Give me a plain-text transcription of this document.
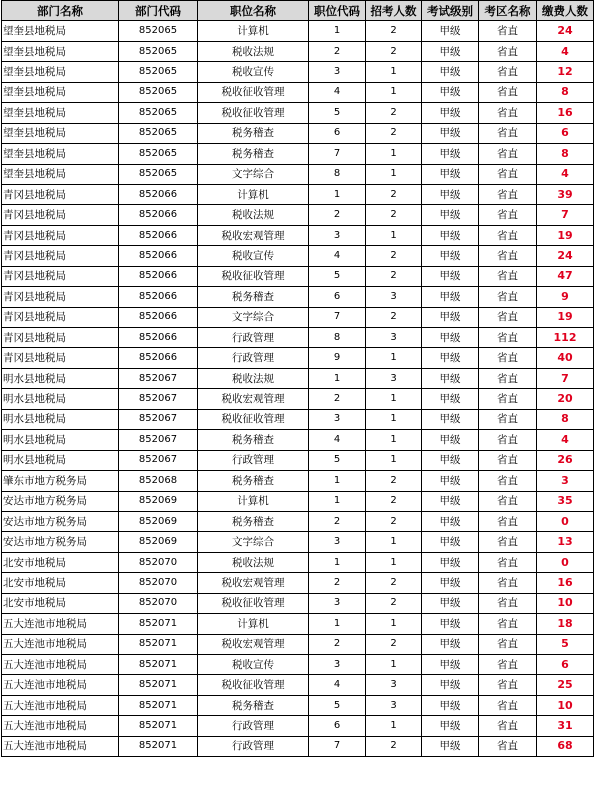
部门名称	部门代码	职位名称	职位代码	招考人数	考试级别	考区名称	缴费人数
望奎县地税局	852065	计算机	1	2	甲级	省直	24
望奎县地税局	852065	税收法规	2	2	甲级	省直	4
望奎县地税局	852065	税收宣传	3	1	甲级	省直	12
望奎县地税局	852065	税收征收管理	4	1	甲级	省直	8
望奎县地税局	852065	税收征收管理	5	2	甲级	省直	16
望奎县地税局	852065	税务稽查	6	2	甲级	省直	6
望奎县地税局	852065	税务稽查	7	1	甲级	省直	8
望奎县地税局	852065	文字综合	8	1	甲级	省直	4
青冈县地税局	852066	计算机	1	2	甲级	省直	39
青冈县地税局	852066	税收法规	2	2	甲级	省直	7
青冈县地税局	852066	税收宏观管理	3	1	甲级	省直	19
青冈县地税局	852066	税收宣传	4	2	甲级	省直	24
青冈县地税局	852066	税收征收管理	5	2	甲级	省直	47
青冈县地税局	852066	税务稽查	6	3	甲级	省直	9
青冈县地税局	852066	文字综合	7	2	甲级	省直	19
青冈县地税局	852066	行政管理	8	3	甲级	省直	112
青冈县地税局	852066	行政管理	9	1	甲级	省直	40
明水县地税局	852067	税收法规	1	3	甲级	省直	7
明水县地税局	852067	税收宏观管理	2	1	甲级	省直	20
明水县地税局	852067	税收征收管理	3	1	甲级	省直	8
明水县地税局	852067	税务稽查	4	1	甲级	省直	4
明水县地税局	852067	行政管理	5	1	甲级	省直	26
肇东市地方税务局	852068	税务稽查	1	2	甲级	省直	3
安达市地方税务局	852069	计算机	1	2	甲级	省直	35
安达市地方税务局	852069	税务稽查	2	2	甲级	省直	0
安达市地方税务局	852069	文字综合	3	1	甲级	省直	13
北安市地税局	852070	税收法规	1	1	甲级	省直	0
北安市地税局	852070	税收宏观管理	2	2	甲级	省直	16
北安市地税局	852070	税收征收管理	3	2	甲级	省直	10
五大连池市地税局	852071	计算机	1	1	甲级	省直	18
五大连池市地税局	852071	税收宏观管理	2	2	甲级	省直	5
五大连池市地税局	852071	税收宣传	3	1	甲级	省直	6
五大连池市地税局	852071	税收征收管理	4	3	甲级	省直	25
五大连池市地税局	852071	税务稽查	5	3	甲级	省直	10
五大连池市地税局	852071	行政管理	6	1	甲级	省直	31
五大连池市地税局	852071	行政管理	7	2	甲级	省直	68
